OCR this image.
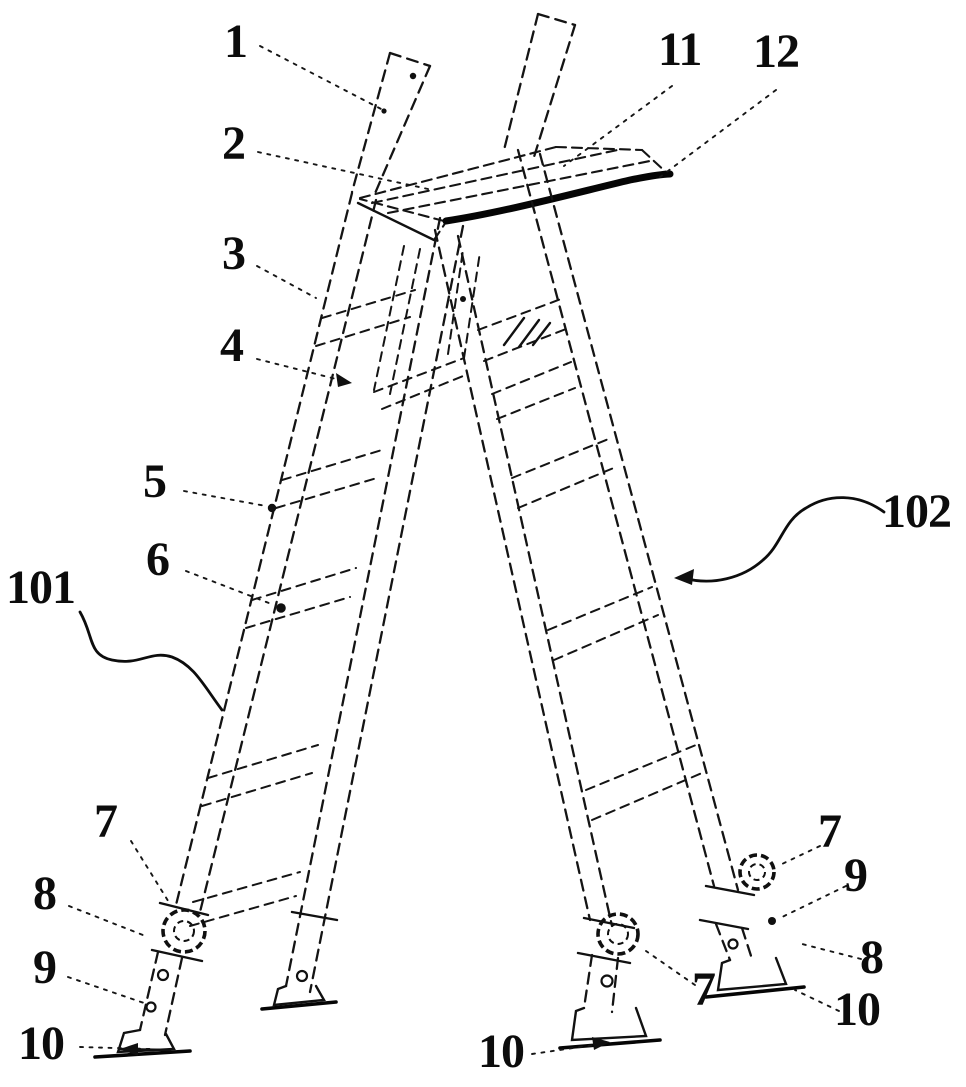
1
2
3
4
5
6
101
102
11 12
7
8
9
10
7
9
8
10
7
10
